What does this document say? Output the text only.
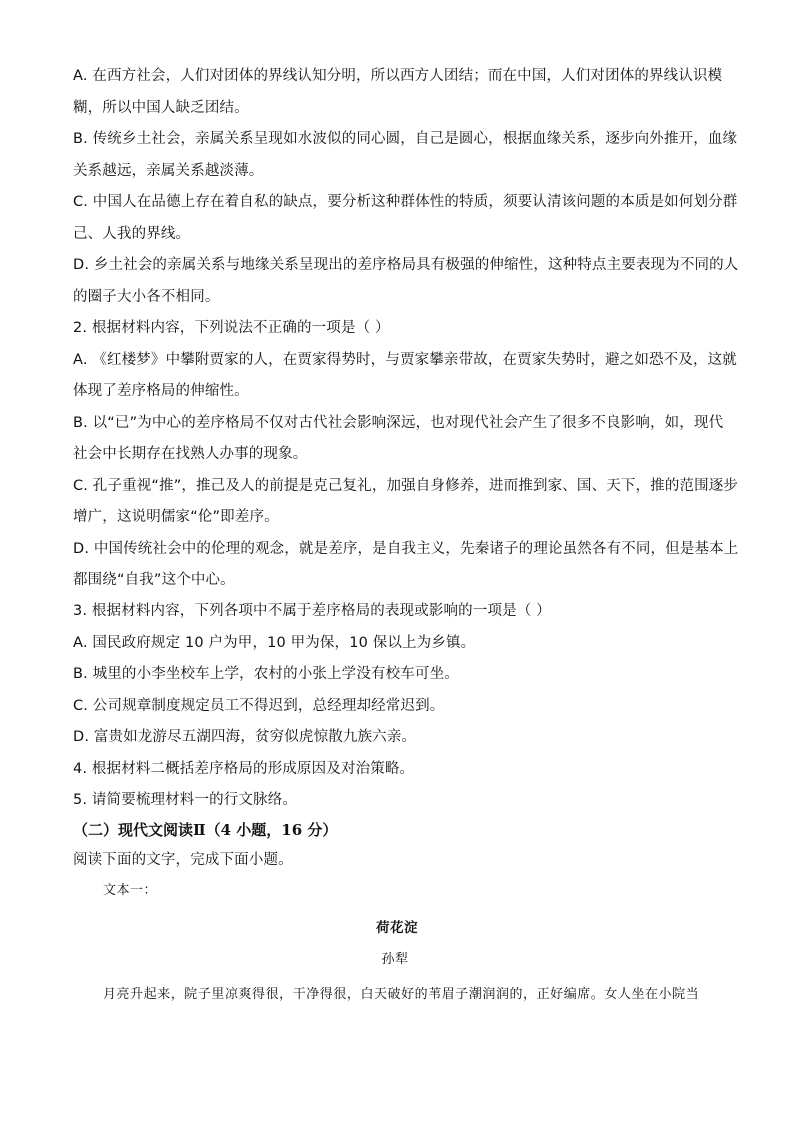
A. 在西方社会，人们对团体的界线认知分明，所以西方人团结；而在中国，人们对团体的界线认识模
糊，所以中国人缺乏团结。
B. 传统乡土社会，亲属关系呈现如水波似的同心圆，自己是圆心，根据血缘关系，逐步向外推开，血缘
关系越远，亲属关系越淡薄。
C. 中国人在品德上存在着自私的缺点，要分析这种群体性的特质，须要认清该问题的本质是如何划分群
己、人我的界线。
D. 乡土社会的亲属关系与地缘关系呈现出的差序格局具有极强的伸缩性，这种特点主要表现为不同的人
的圈子大小各不相同。
2. 根据材料内容，下列说法不正确的一项是（ ）
A. 《红楼梦》中攀附贾家的人，在贾家得势时，与贾家攀亲带故，在贾家失势时，避之如恐不及，这就
体现了差序格局的伸缩性。
B. 以“已”为中心的差序格局不仅对古代社会影响深远，也对现代社会产生了很多不良影响，如，现代
社会中长期存在找熟人办事的现象。
C. 孔子重视“推”，推己及人的前提是克己复礼，加强自身修养，进而推到家、国、天下，推的范围逐步
增广，这说明儒家“伦”即差序。
D. 中国传统社会中的伦理的观念，就是差序，是自我主义，先秦诸子的理论虽然各有不同，但是基本上
都围绕“自我”这个中心。
3. 根据材料内容，下列各项中不属于差序格局的表现或影响的一项是（ ）
A. 国民政府规定 10 户为甲，10 甲为保，10 保以上为乡镇。
B. 城里的小李坐校车上学，农村的小张上学没有校车可坐。
C. 公司规章制度规定员工不得迟到，总经理却经常迟到。
D. 富贵如龙游尽五湖四海，贫穷似虎惊散九族六亲。
4. 根据材料二概括差序格局的形成原因及对治策略。
5. 请简要梳理材料一的行文脉络。
（二）现代文阅读Ⅱ（4 小题，16 分）
阅读下面的文字，完成下面小题。
文本一：
荷花淀
孙犁
月亮升起来，院子里凉爽得很，干净得很，白天破好的苇眉子潮润润的，正好编席。女人坐在小院当
